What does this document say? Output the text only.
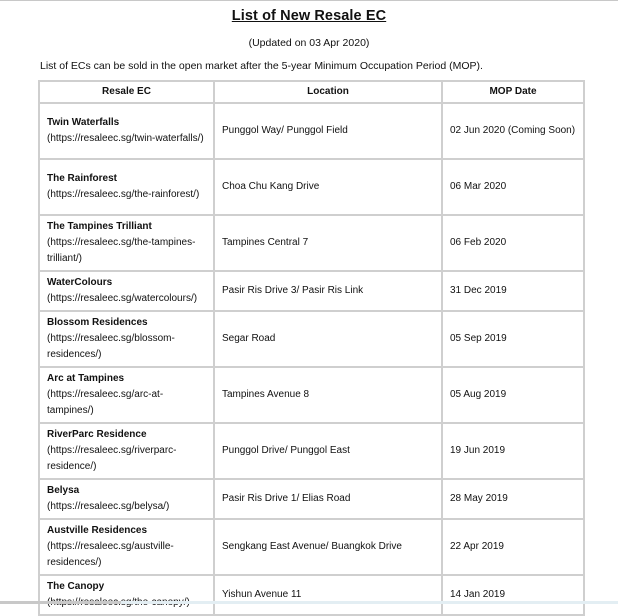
List of New Resale EC
(Updated on 03 Apr 2020)
List of ECs can be sold in the open market after the 5-year Minimum Occupation Period (MOP).
Resale EC	Location	MOP Date

Twin Waterfalls
(https://resaleec.sg/twin-waterfalls/)	Punggol Way/ Punggol Field	02 Jun 2020 (Coming Soon)

The Rainforest
(https://resaleec.sg/the-rainforest/)	Choa Chu Kang Drive	06 Mar 2020

The Tampines Trilliant
(https://resaleec.sg/the-tampines-trilliant/)	Tampines Central 7	06 Feb 2020

WaterColours
(https://resaleec.sg/watercolours/)	Pasir Ris Drive 3/ Pasir Ris Link	31 Dec 2019

Blossom Residences
(https://resaleec.sg/blossom-residences/)	Segar Road	05 Sep 2019

Arc at Tampines
(https://resaleec.sg/arc-at-tampines/)	Tampines Avenue 8	05 Aug 2019

RiverParc Residence
(https://resaleec.sg/riverparc-residence/)	Punggol Drive/ Punggol East	19 Jun 2019

Belysa
(https://resaleec.sg/belysa/)	Pasir Ris Drive 1/ Elias Road	28 May 2019

Austville Residences
(https://resaleec.sg/austville-residences/)	Sengkang East Avenue/ Buangkok Drive	22 Apr 2019

The Canopy	Yishun Avenue 11	14 Jan 2019
